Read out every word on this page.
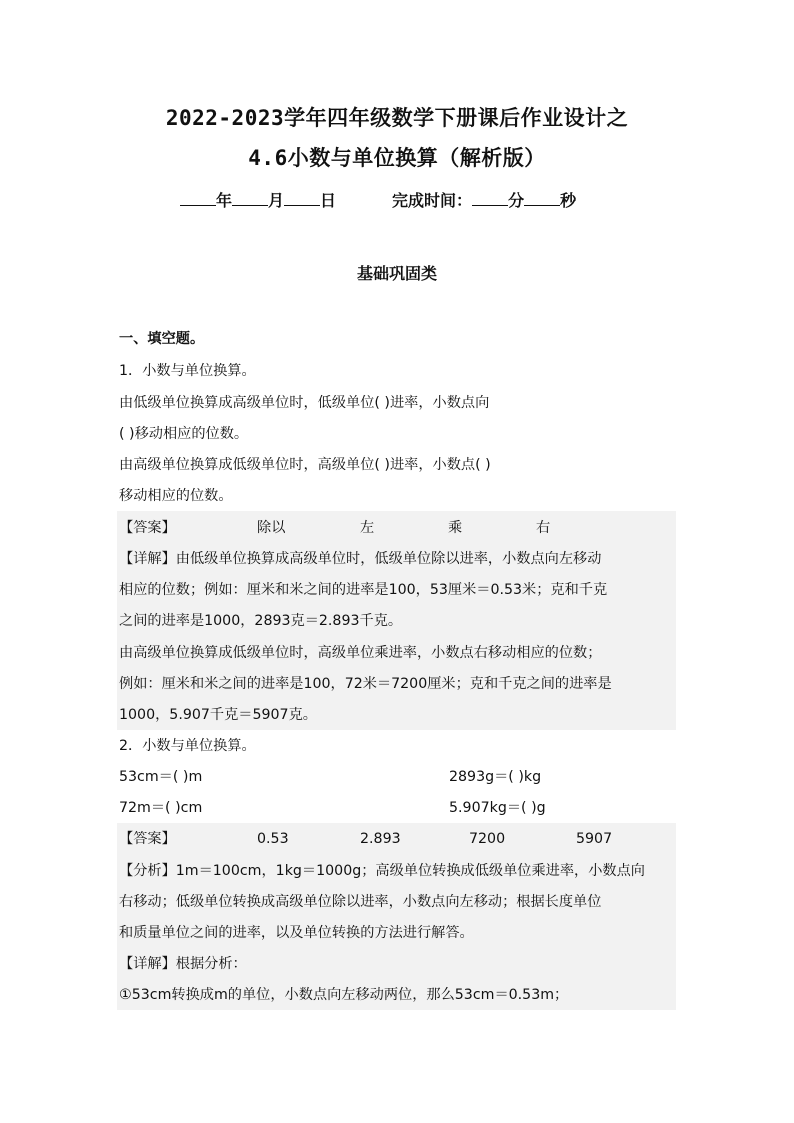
2022-2023学年四年级数学下册课后作业设计之
4.6小数与单位换算（解析版）
年 月 日	完成时间： 分 秒
基础巩固类
一、填空题。
1．小数与单位换算。
由低级单位换算成高级单位时，低级单位( )进率，小数点向
( )移动相应的位数。
由高级单位换算成低级单位时，高级单位( )进率，小数点( )
移动相应的位数。
【答案】	除以	左	乘	右
【详解】由低级单位换算成高级单位时，低级单位除以进率，小数点向左移动
相应的位数；例如：厘米和米之间的进率是100，53厘米＝0.53米；克和千克
之间的进率是1000，2893克＝2.893千克。
由高级单位换算成低级单位时，高级单位乘进率，小数点右移动相应的位数；
例如：厘米和米之间的进率是100，72米＝7200厘米；克和千克之间的进率是
1000，5.907千克＝5907克。
2．小数与单位换算。
53cm＝( )m	2893g＝( )kg
72m＝( )cm	5.907kg＝( )g
【答案】	0.53	2.893	7200	5907
【分析】1m＝100cm，1kg＝1000g；高级单位转换成低级单位乘进率，小数点向
右移动；低级单位转换成高级单位除以进率，小数点向左移动；根据长度单位
和质量单位之间的进率，以及单位转换的方法进行解答。
【详解】根据分析：
①53cm转换成m的单位，小数点向左移动两位，那么53cm＝0.53m；
